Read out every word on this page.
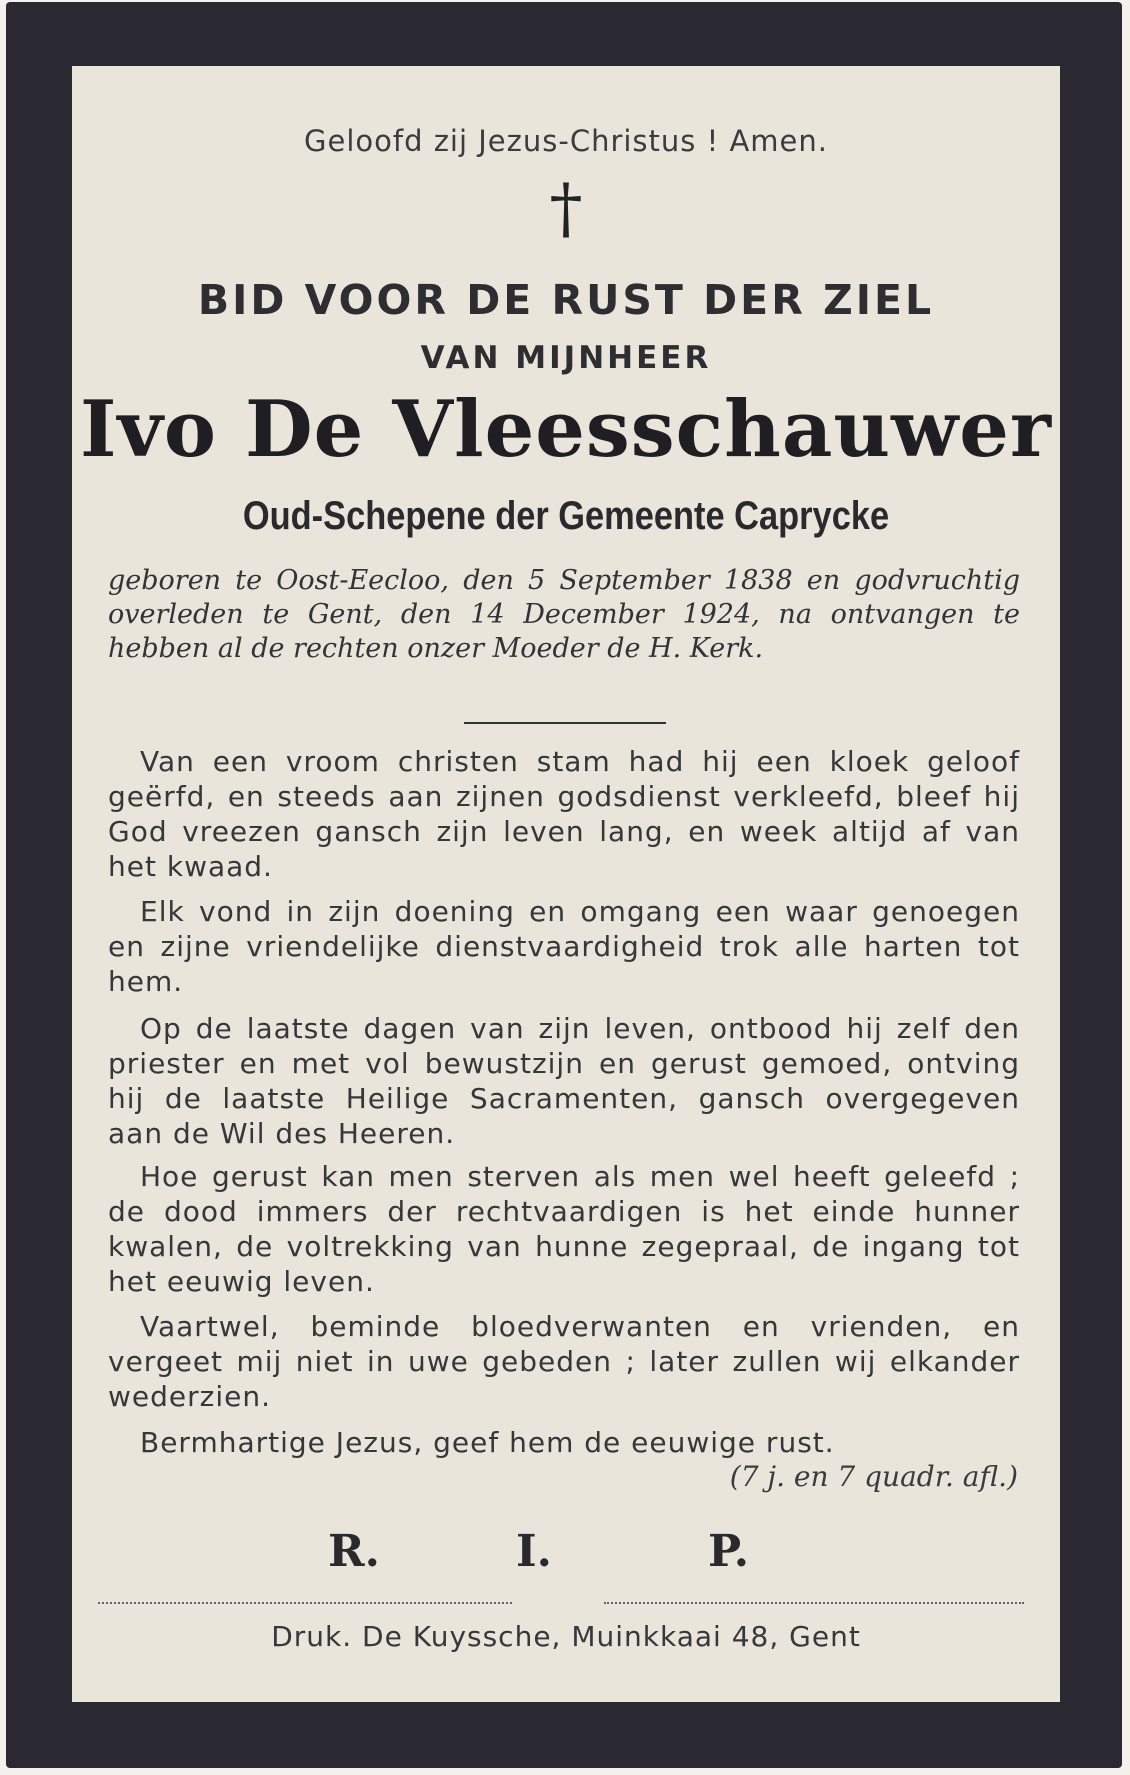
Geloofd zij Jezus-Christus ! Amen.
†
BID VOOR DE RUST DER ZIEL
VAN MIJNHEER
Ivo De Vleesschauwer
Oud-Schepene der Gemeente Caprycke
geboren te Oost-Eecloo, den 5 September 1838 en godvruchtig overleden te Gent, den 14 December 1924, na ontvangen te hebben al de rechten onzer Moeder de H. Kerk.
Van een vroom christen stam had hij een kloek geloof geërfd, en steeds aan zijnen godsdienst verkleefd, bleef hij God vreezen gansch zijn leven lang, en week altijd af van het kwaad.
Elk vond in zijn doening en omgang een waar genoegen en zijne vriendelijke dienstvaardigheid trok alle harten tot hem.
Op de laatste dagen van zijn leven, ontbood hij zelf den priester en met vol bewustzijn en gerust gemoed, ontving hij de laatste Heilige Sacramenten, gansch overgegeven aan de Wil des Heeren.
Hoe gerust kan men sterven als men wel heeft geleefd ; de dood immers der rechtvaardigen is het einde hunner kwalen, de voltrekking van hunne zegepraal, de ingang tot het eeuwig leven.
Vaartwel, beminde bloedverwanten en vrienden, en vergeet mij niet in uwe gebeden ; later zullen wij elkander wederzien.
Bermhartige Jezus, geef hem de eeuwige rust.
(7 j. en 7 quadr. afl.)
R.	I.	P.
Druk. De Kuyssche, Muinkkaai 48, Gent
